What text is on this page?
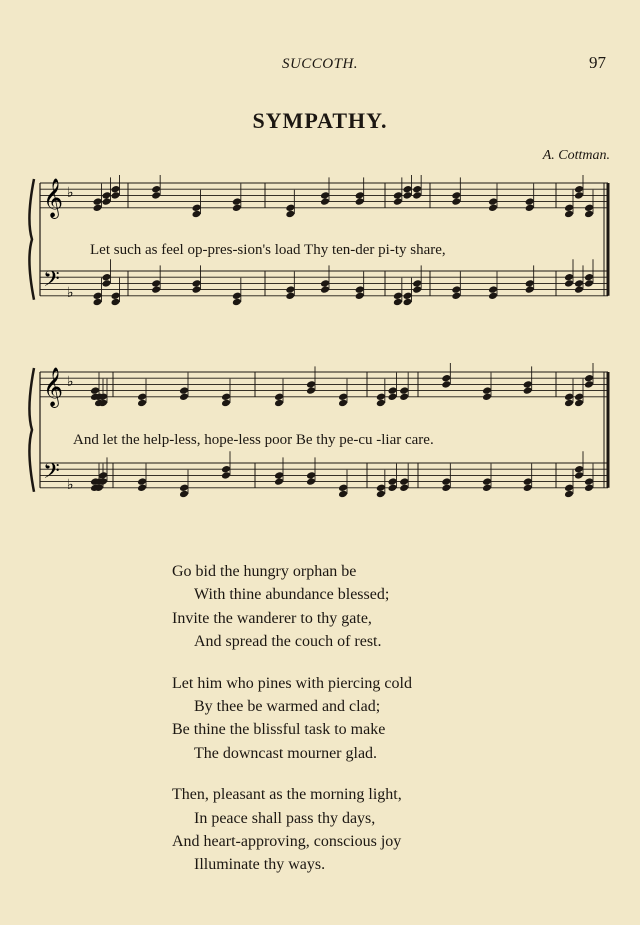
SUCCOTH.	97
SYMPATHY.
A. Cottman.
𝄞
𝄢
♭
♭
Let such as feel op-pres-sion's load Thy ten-der pi-ty share,
𝄞
𝄢
♭
♭
And let the help-less, hope-less poor Be thy pe-cu -liar care.
Go bid the hungry orphan be
With thine abundance blessed;
Invite the wanderer to thy gate,
And spread the couch of rest.
Let him who pines with piercing cold
By thee be warmed and clad;
Be thine the blissful task to make
The downcast mourner glad.
Then, pleasant as the morning light,
In peace shall pass thy days,
And heart-approving, conscious joy
Illuminate thy ways.
